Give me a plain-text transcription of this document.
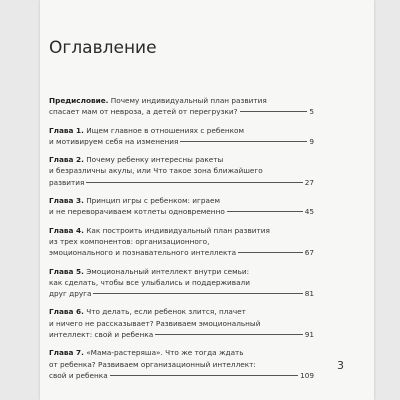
Оглавление
Предисловие. Почему индивидуальный план развития
спасает мам от невроза, а детей от перегрузки?	5
Глава 1. Ищем главное в отношениях с ребенком
и мотивируем себя на изменения	9
Глава 2. Почему ребенку интересны ракеты
и безразличны акулы, или Что такое зона ближайшего
развития	27
Глава 3. Принцип игры с ребенком: играем
и не переворачиваем котлеты одновременно	45
Глава 4. Как построить индивидуальный план развития
из трех компонентов: организационного,
эмоционального и познавательного интеллекта	67
Глава 5. Эмоциональный интеллект внутри семьи:
как сделать, чтобы все улыбались и поддерживали
друг друга	81
Глава 6. Что делать, если ребенок злится, плачет
и ничего не рассказывает? Развиваем эмоциональный
интеллект: свой и ребенка	91
Глава 7. «Мама-растеряша». Что же тогда ждать
от ребенка? Развиваем организационный интеллект:
свой и ребенка	109
3
